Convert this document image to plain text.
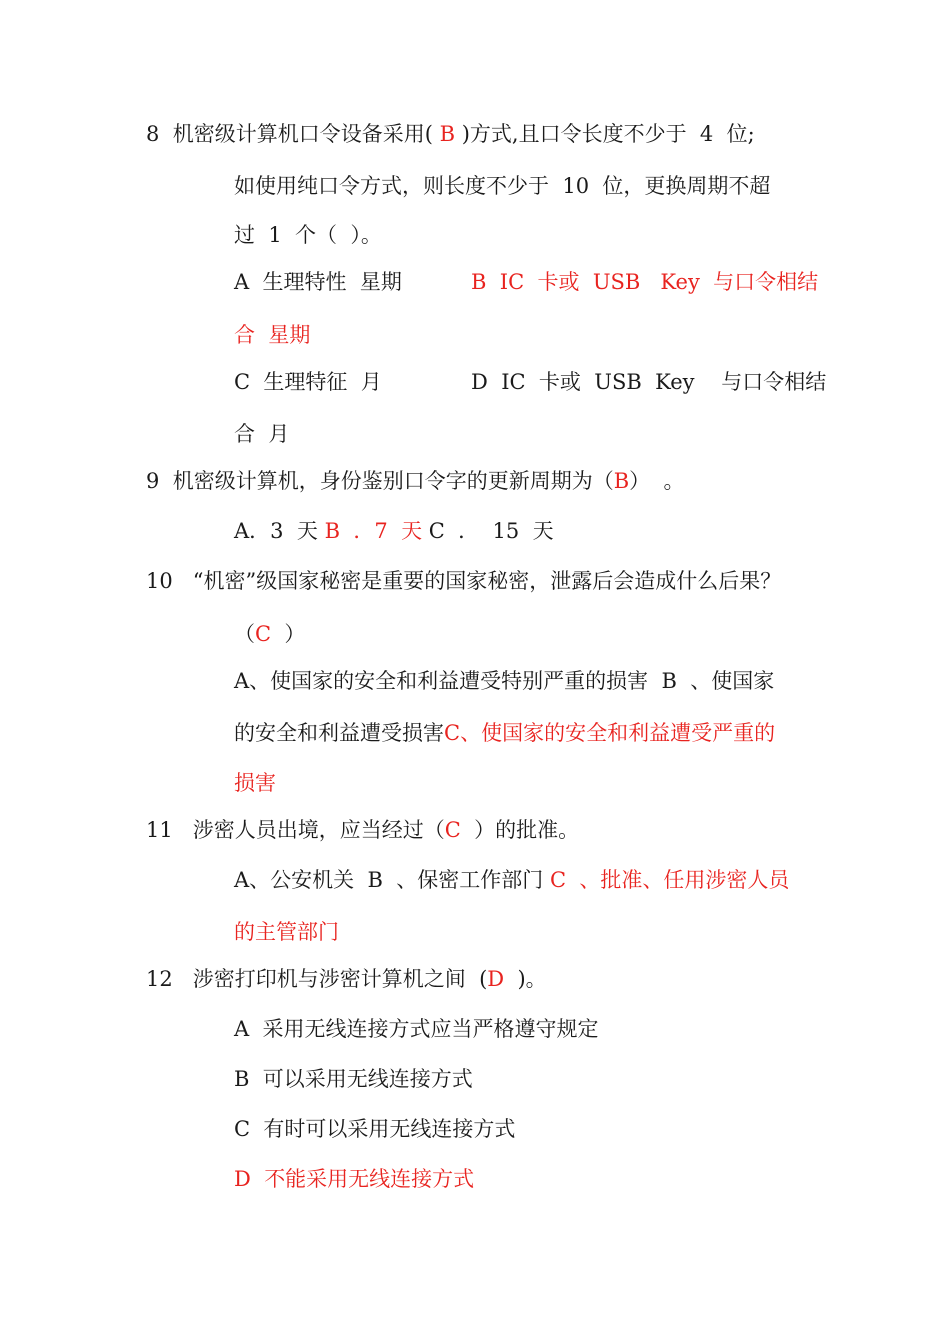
8  机密级计算机口令设备采用( B )方式,且口令长度不少于  4  位;
如使用纯口令方式，则长度不少于  10  位，更换周期不超
过  1  个（  ）。
A  生理特性  星期	B  IC  卡或  USB   Key  与口令相结
合  星期
C  生理特征  月	D  IC  卡或  USB  Key    与口令相结
合  月
9  机密级计算机，身份鉴别口令字的更新周期为（B）  。
A．3  天 B  ．7  天 C  ．  15  天
10   “机密”级国家秘密是重要的国家秘密，泄露后会造成什么后果？
（C  ）
A、使国家的安全和利益遭受特别严重的损害  B  、使国家
的安全和利益遭受损害C、使国家的安全和利益遭受严重的
损害
11   涉密人员出境，应当经过（C  ）的批准。
A、公安机关  B  、保密工作部门 C  、批准、任用涉密人员
的主管部门
12   涉密打印机与涉密计算机之间  (D  )。
A  采用无线连接方式应当严格遵守规定
B  可以采用无线连接方式
C  有时可以采用无线连接方式
D  不能采用无线连接方式
